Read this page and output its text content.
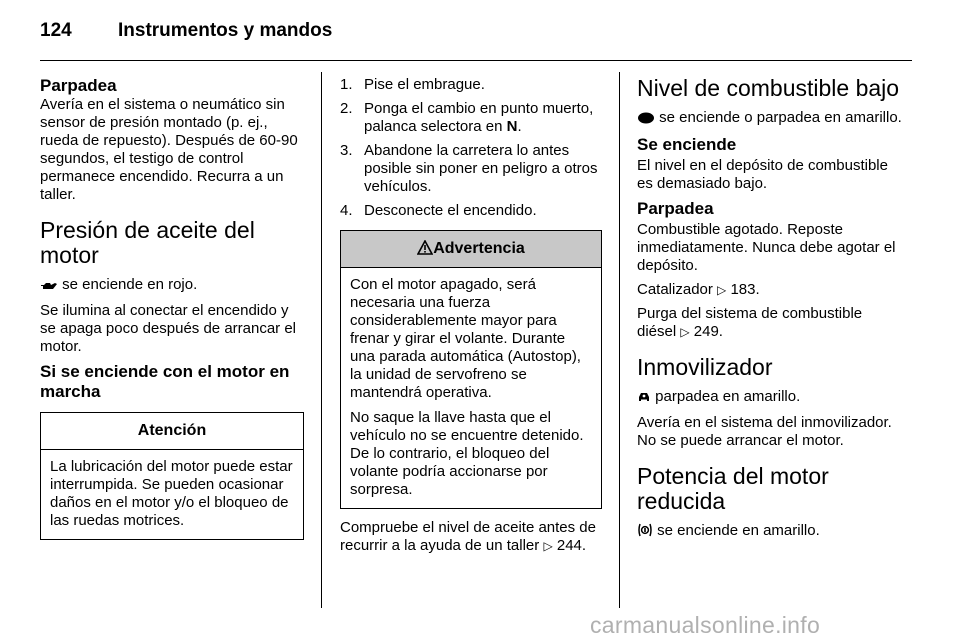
124 Instrumentos y mandos
Parpadea

Avería en el sistema o neumático sin sensor de presión montado (p. ej., rueda de repuesto). Después de 60-90 segundos, el testigo de control permanece encendido. Recurra a un taller.

Presión de aceite del motor

se enciende en rojo.

Se ilumina al conectar el encendido y se apaga poco después de arrancar el motor.

Si se enciende con el motor en marcha
Atención

La lubricación del motor puede estar interrumpida. Se pueden ocasionar daños en el motor y/o el bloqueo de las ruedas motrices.

1. Pise el embrague.
2. Ponga el cambio en punto muerto, palanca selectora en N.
3. Abandone la carretera lo antes posible sin poner en peligro a otros vehículos.
4. Desconecte el encendido.
Advertencia

Con el motor apagado, será necesaria una fuerza considerablemente mayor para frenar y girar el volante. Durante una parada automática (Autostop), la unidad de servofreno se mantendrá operativa.

No saque la llave hasta que el vehículo no se encuentre detenido. De lo contrario, el bloqueo del volante podría accionarse por sorpresa.

Compruebe el nivel de aceite antes de recurrir a la ayuda de un taller ▷ 244.

Nivel de combustible bajo

se enciende o parpadea en amarillo.

Se enciende

El nivel en el depósito de combustible es demasiado bajo.

Parpadea

Combustible agotado. Reposte inmediatamente. Nunca debe agotar el depósito.

Catalizador ▷ 183.

Purga del sistema de combustible diésel ▷ 249.

Inmovilizador

parpadea en amarillo.

Avería en el sistema del inmovilizador. No se puede arrancar el motor.

Potencia del motor reducida

se enciende en amarillo.

carmanualsonline.info
